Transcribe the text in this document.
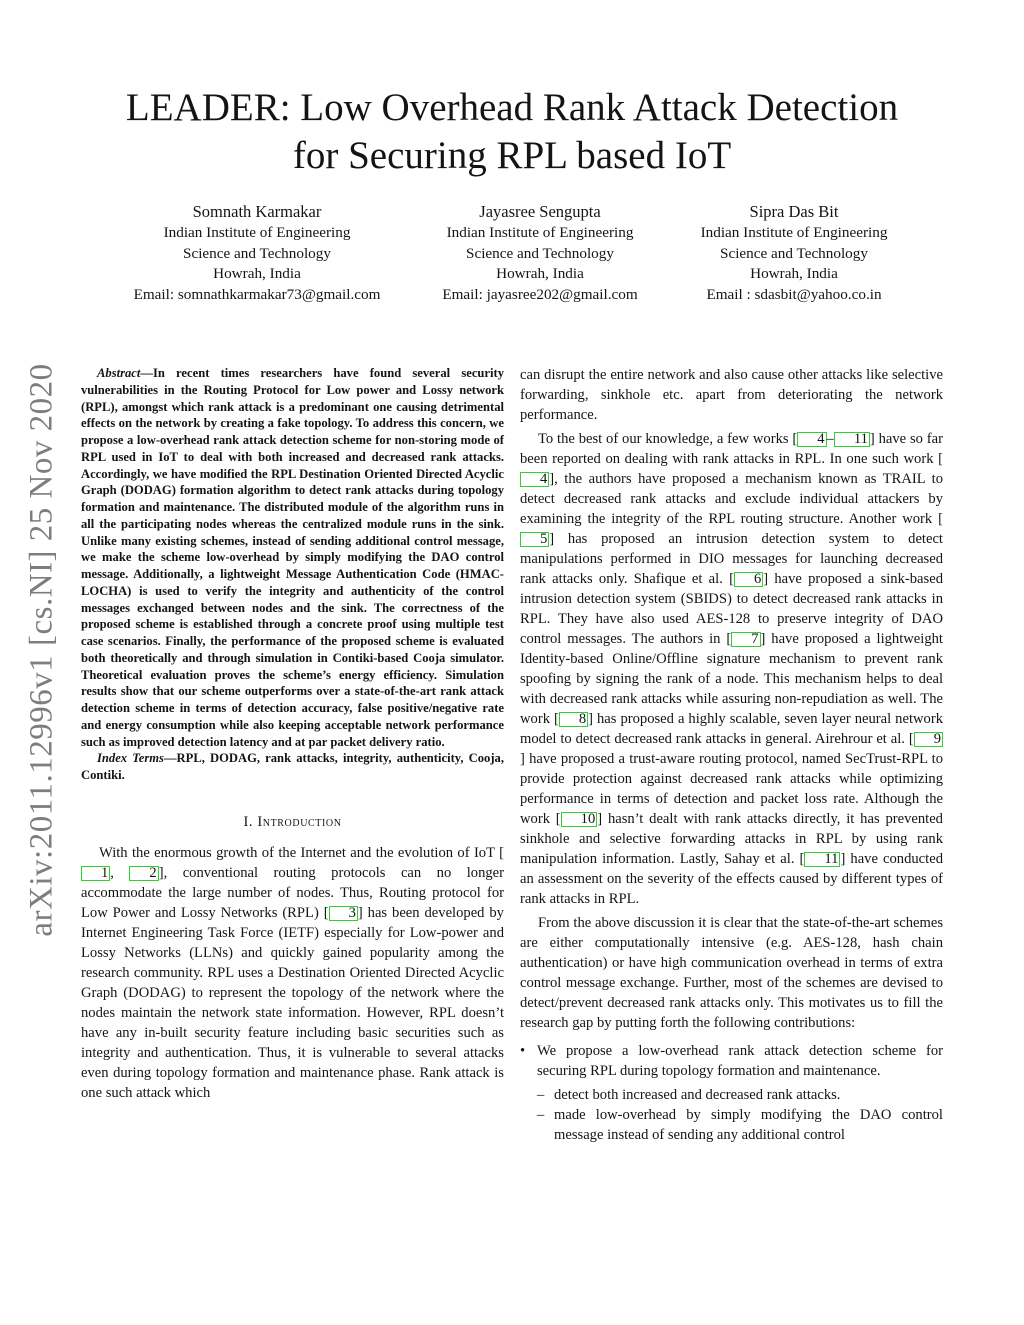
arXiv:2011.12996v1 [cs.NI] 25 Nov 2020
LEADER: Low Overhead Rank Attack Detection
for Securing RPL based IoT
Somnath Karmakar
Indian Institute of Engineering
Science and Technology
Howrah, India
Email: somnathkarmakar73@gmail.com
Jayasree Sengupta
Indian Institute of Engineering
Science and Technology
Howrah, India
Email: jayasree202@gmail.com
Sipra Das Bit
Indian Institute of Engineering
Science and Technology
Howrah, India
Email : sdasbit@yahoo.co.in

Abstract—In recent times researchers have found several security vulnerabilities in the Routing Protocol for Low power and Lossy network (RPL), amongst which rank attack is a predominant one causing detrimental effects on the network by creating a fake topology. To address this concern, we propose a low-overhead rank attack detection scheme for non-storing mode of RPL used in IoT to deal with both increased and decreased rank attacks. Accordingly, we have modified the RPL Destination Oriented Directed Acyclic Graph (DODAG) formation algorithm to detect rank attacks during topology formation and maintenance. The distributed module of the algorithm runs in all the participating nodes whereas the centralized module runs in the sink. Unlike many existing schemes, instead of sending additional control message, we make the scheme low-overhead by simply modifying the DAO control message. Additionally, a lightweight Message Authentication Code (HMAC-LOCHA) is used to verify the integrity and authenticity of the control messages exchanged between nodes and the sink. The correctness of the proposed scheme is established through a concrete proof using multiple test case scenarios. Finally, the performance of the proposed scheme is evaluated both theoretically and through simulation in Contiki-based Cooja simulator. Theoretical evaluation proves the scheme’s energy efficiency. Simulation results show that our scheme outperforms over a state-of-the-art rank attack detection scheme in terms of detection accuracy, false positive/negative rate and energy consumption while also keeping acceptable network performance such as improved detection latency and at par packet delivery ratio.
Index Terms—RPL, DODAG, rank attacks, integrity, authenticity, Cooja, Contiki.

I. Introduction

With the enormous growth of the Internet and the evolution of IoT [1 , 2 ], conventional routing protocols can no longer accommodate the large number of nodes. Thus, Routing protocol for Low Power and Lossy Networks (RPL) [ 3 ] has been developed by Internet Engineering Task Force (IETF) especially for Low-power and Lossy Networks (LLNs) and quickly gained popularity among the research community. RPL uses a Destination Oriented Directed Acyclic Graph (DODAG) to represent the topology of the network where the nodes maintain the network state information. However, RPL doesn’t have any in-built security feature including basic securities such as integrity and authentication. Thus, it is vulnerable to several attacks even during topology formation and maintenance phase. Rank attack is one such attack which

can disrupt the entire network and also cause other attacks like selective forwarding, sinkhole etc. apart from deteriorating the network performance.

To the best of our knowledge, a few works [ 4 – 11 ] have so far been reported on dealing with rank attacks in RPL. In one such work [4 ], the authors have proposed a mechanism known as TRAIL to detect decreased rank attacks and exclude individual attackers by examining the integrity of the RPL routing structure. Another work [5 ] has proposed an intrusion detection system to detect manipulations performed in DIO messages for launching decreased rank attacks only. Shafique et al. [ 6 ] have proposed a sink-based intrusion detection system (SBIDS) to detect decreased rank attacks in RPL. They have also used AES-128 to preserve integrity of DAO control messages. The authors in [ 7 ] have proposed a lightweight Identity-based Online/Offline signature mechanism to prevent rank spoofing by signing the rank of a node. This mechanism helps to deal with decreased rank attacks while assuring non-repudiation as well. The work [ 8 ] has proposed a highly scalable, seven layer neural network model to detect decreased rank attacks in general. Airehrour et al. [ 9] have proposed a trust-aware routing protocol, named SecTrust-RPL to provide protection against decreased rank attacks while optimizing performance in terms of detection and packet loss rate. Although the work [ 10 ] hasn’t dealt with rank attacks directly, it has prevented sinkhole and selective forwarding attacks in RPL by using rank manipulation information. Lastly, Sahay et al. [ 11 ] have conducted an assessment on the severity of the effects caused by different types of rank attacks in RPL.

From the above discussion it is clear that the state-of-the-art schemes are either computationally intensive (e.g. AES-128, hash chain authentication) or have high communication overhead in terms of extra control message exchange. Further, most of the schemes are devised to detect/prevent decreased rank attacks only. This motivates us to fill the research gap by putting forth the following contributions:

• We propose a low-overhead rank attack detection scheme for securing RPL during topology formation and maintenance.
– detect both increased and decreased rank attacks.
– made low-overhead by simply modifying the DAO control message instead of sending any additional control
